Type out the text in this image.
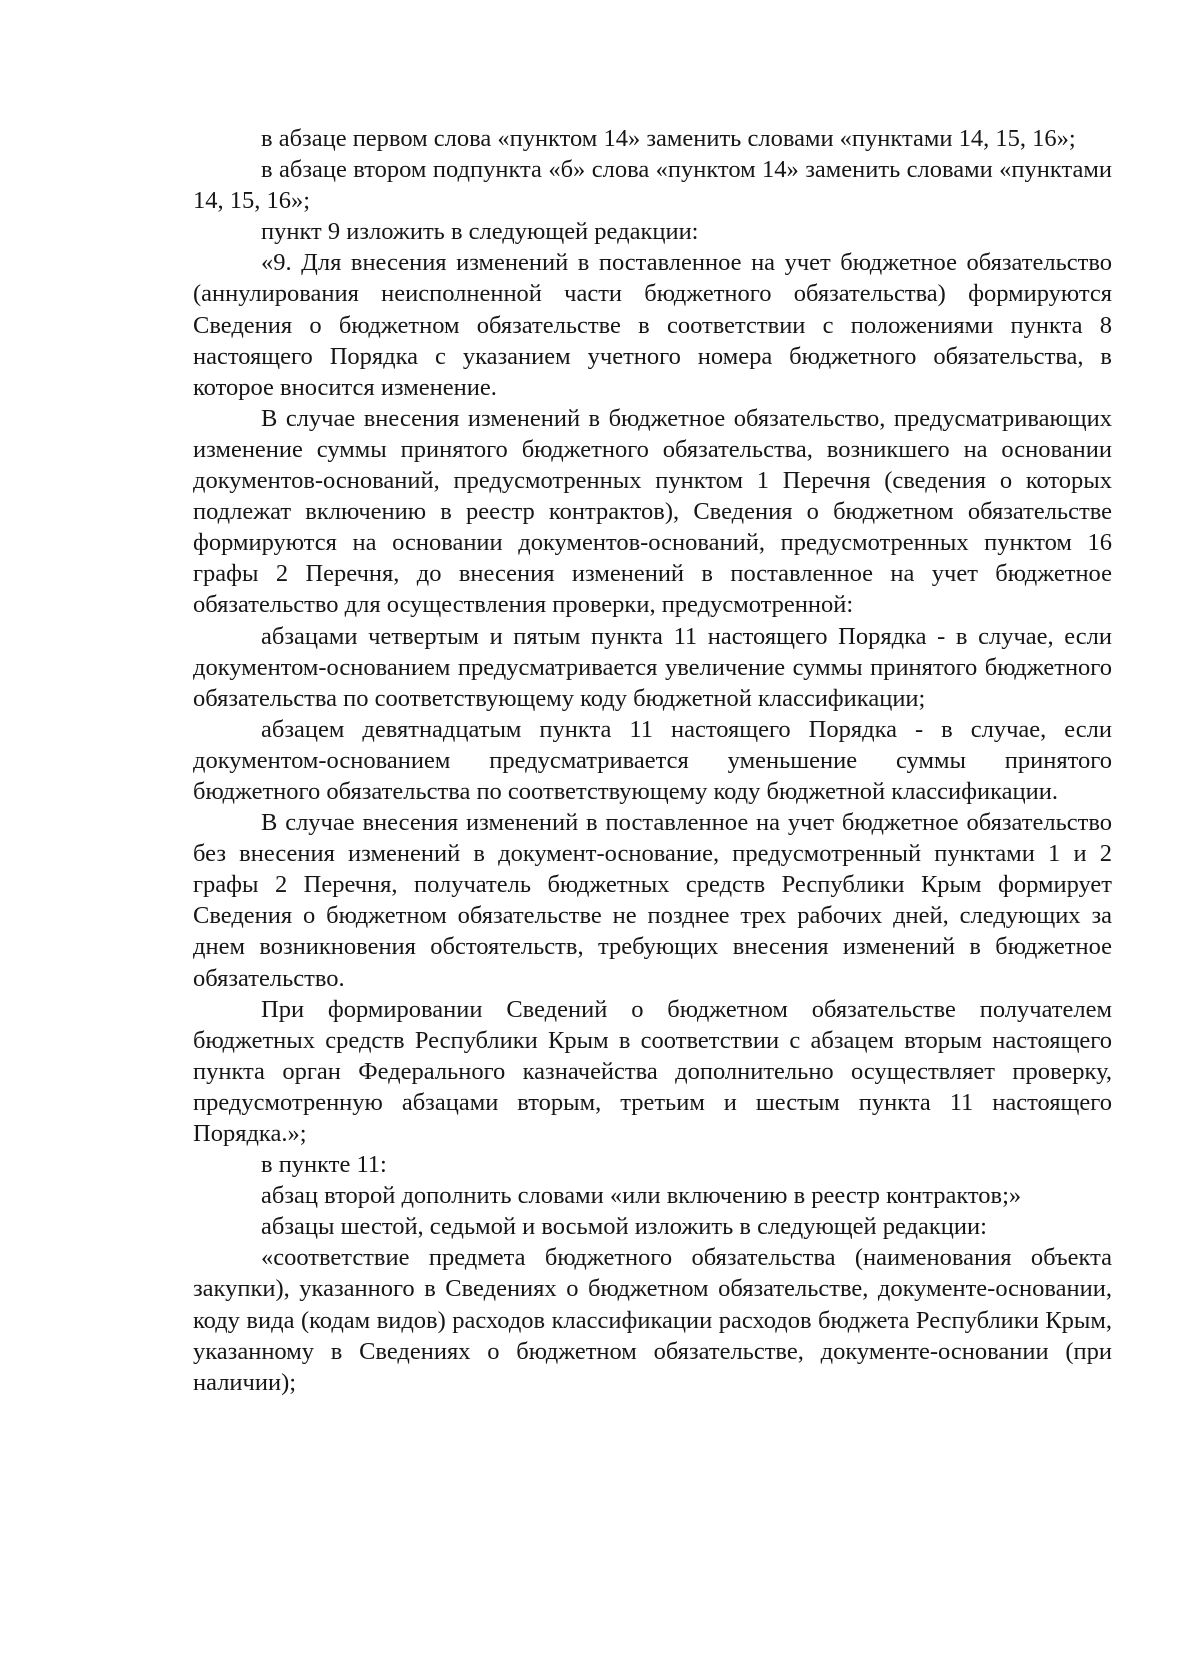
в абзаце первом слова «пунктом 14» заменить словами «пунктами 14, 15, 16»;

в абзаце втором подпункта «б» слова «пунктом 14» заменить словами «пунктами 14, 15, 16»;

пункт 9 изложить в следующей редакции:

«9. Для внесения изменений в поставленное на учет бюджетное обязательство (аннулирования неисполненной части бюджетного обязательства) формируются Сведения о бюджетном обязательстве в соответствии с положениями пункта 8 настоящего Порядка с указанием учетного номера бюджетного обязательства, в которое вносится изменение.

В случае внесения изменений в бюджетное обязательство, предусматривающих изменение суммы принятого бюджетного обязательства, возникшего на основании документов-оснований, предусмотренных пунктом 1 Перечня (сведения о которых подлежат включению в реестр контрактов), Сведения о бюджетном обязательстве формируются на основании документов-оснований, предусмотренных пунктом 16 графы 2 Перечня, до внесения изменений в поставленное на учет бюджетное обязательство для осуществления проверки, предусмотренной:

абзацами четвертым и пятым пункта 11 настоящего Порядка - в случае, если документом-основанием предусматривается увеличение суммы принятого бюджетного обязательства по соответствующему коду бюджетной классификации;

абзацем девятнадцатым пункта 11 настоящего Порядка - в случае, если документом-основанием предусматривается уменьшение суммы принятого бюджетного обязательства по соответствующему коду бюджетной классификации.

В случае внесения изменений в поставленное на учет бюджетное обязательство без внесения изменений в документ-основание, предусмотренный пунктами 1 и 2 графы 2 Перечня, получатель бюджетных средств Республики Крым формирует Сведения о бюджетном обязательстве не позднее трех рабочих дней, следующих за днем возникновения обстоятельств, требующих внесения изменений в бюджетное обязательство.

При формировании Сведений о бюджетном обязательстве получателем бюджетных средств Республики Крым в соответствии с абзацем вторым настоящего пункта орган Федерального казначейства дополнительно осуществляет проверку, предусмотренную абзацами вторым, третьим и шестым пункта 11 настоящего Порядка.»;

в пункте 11:

абзац второй дополнить словами «или включению в реестр контрактов;»

абзацы шестой, седьмой и восьмой изложить в следующей редакции:

«соответствие предмета бюджетного обязательства (наименования объекта закупки), указанного в Сведениях о бюджетном обязательстве, документе-основании, коду вида (кодам видов) расходов классификации расходов бюджета Республики Крым, указанному в Сведениях о бюджетном обязательстве, документе-основании (при наличии);
